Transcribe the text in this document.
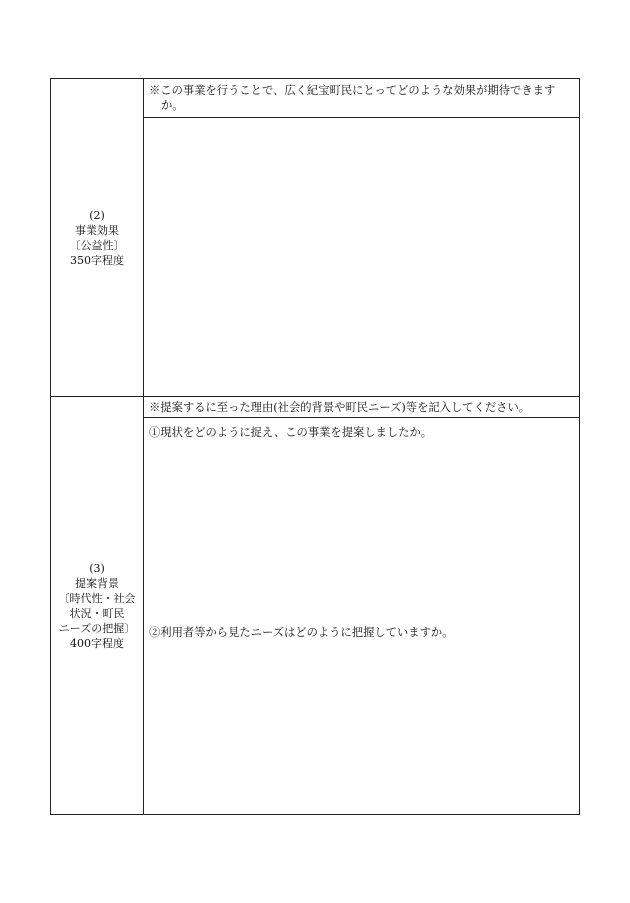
(2)
事業効果
〔公益性〕
350字程度
※この事業を行うことで、広く紀宝町民にとってどのような効果が期待できますか。
(3)
提案背景
〔時代性・社会
状況・町民
ニーズの把握〕
400字程度
※提案するに至った理由(社会的背景や町民ニーズ)等を記入してください。
①現状をどのように捉え、この事業を提案しましたか。
②利用者等から見たニーズはどのように把握していますか。
